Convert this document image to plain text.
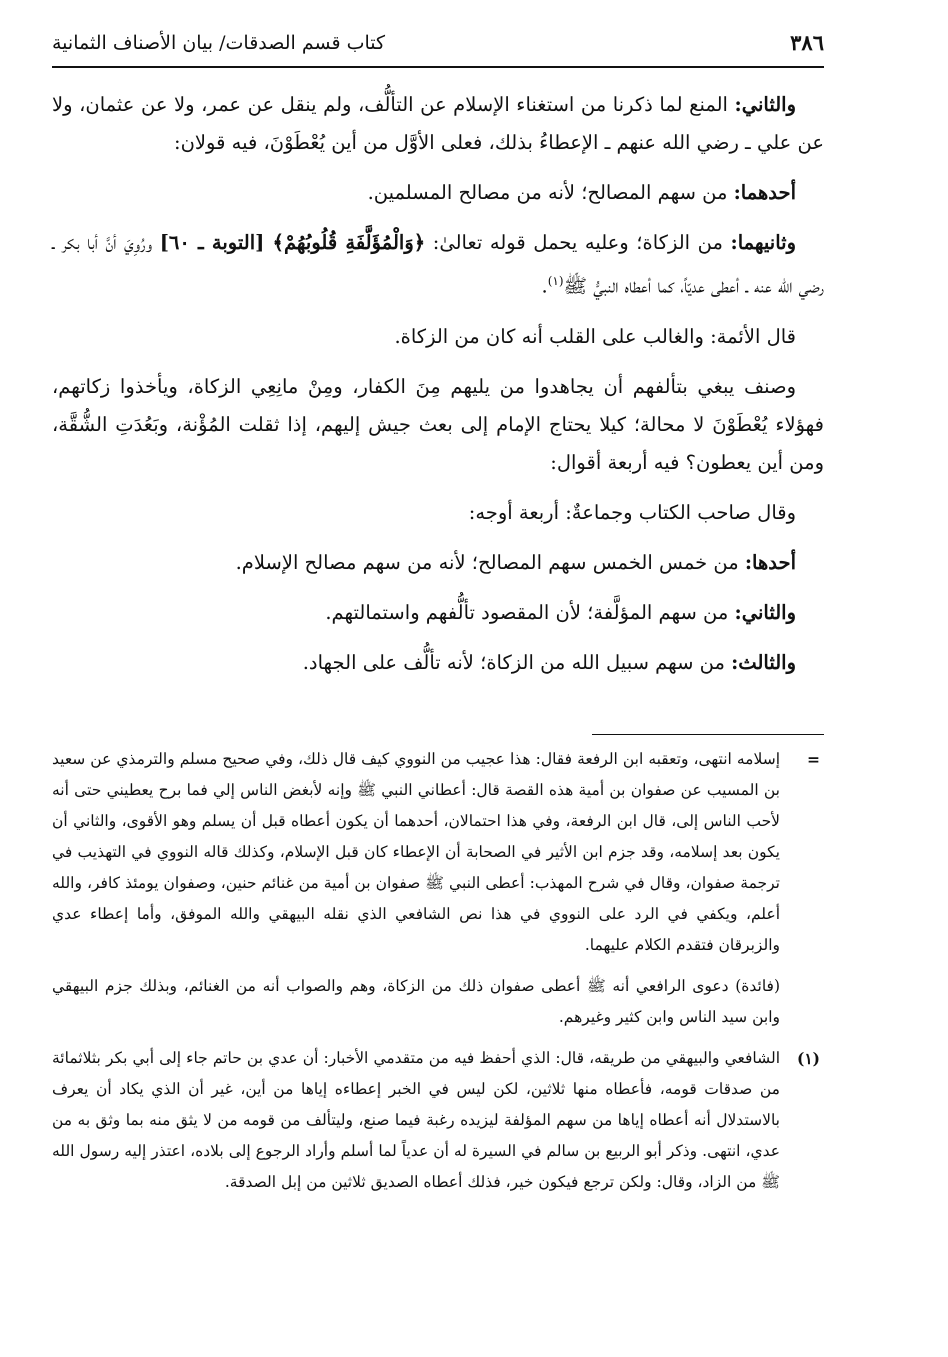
٣٨٦
كتاب قسم الصدقات/ بيان الأصناف الثمانية

والثاني: المنع لما ذكرنا من استغناء الإسلام عن التألُّف، ولم ينقل عن عمر، ولا عن عثمان، ولا عن علي ـ رضي الله عنهم ـ الإعطاءُ بذلك، فعلى الأوَّل من أين يُعْطَوْنَ، فيه قولان:

أحدهما: من سهم المصالح؛ لأنه من مصالح المسلمين.

وثانيهما: من الزكاة؛ وعليه يحمل قوله تعالىٰ: ﴿وَالْمُؤَلَّفَةِ قُلُوبُهُمْ﴾ [التوبة ـ ٦٠] ورُوِيَ أنَّ أبا بكر ـ رضي الله عنه ـ أعطى عديّاً، كما أعطاه النبيُّ ﷺ$^{(١)}$.

قال الأئمة: والغالب على القلب أنه كان من الزكاة.

وصنف يبغي بتألفهم أن يجاهدوا من يليهم مِنَ الكفار، ومِنْ مانِعِي الزكاة، ويأخذوا زكاتهم، فهؤلاء يُعْطَوْنَ لا محالة؛ كيلا يحتاج الإمام إلى بعث جيش إليهم، إذا ثقلت المُؤْنة، وبَعُدَتِ الشُّقَّة، ومن أين يعطون؟ فيه أربعة أقوال:

وقال صاحب الكتاب وجماعةٌ: أربعة أوجه:

أحدها: من خمس الخمس سهم المصالح؛ لأنه من سهم مصالح الإسلام.

والثاني: من سهم المؤلَّفة؛ لأن المقصود تألُّفهم واستمالتهم.

والثالث: من سهم سبيل الله من الزكاة؛ لأنه تألُّف على الجهاد.

=
إسلامه انتهى، وتعقبه ابن الرفعة فقال: هذا عجيب من النووي كيف قال ذلك، وفي صحيح مسلم والترمذي عن سعيد بن المسيب عن صفوان بن أمية هذه القصة قال: أعطاني النبي ﷺ وإنه لأبغض الناس إلي فما برح يعطيني حتى أنه لأحب الناس إلى، قال ابن الرفعة، وفي هذا احتمالان، أحدهما أن يكون أعطاه قبل أن يسلم وهو الأقوى، والثاني أن يكون بعد إسلامه، وقد جزم ابن الأثير في الصحابة أن الإعطاء كان قبل الإسلام، وكذلك قاله النووي في التهذيب في ترجمة صفوان، وقال في شرح المهذب: أعطى النبي ﷺ صفوان بن أمية من غنائم حنين، وصفوان يومئذ كافر، والله أعلم، ويكفي في الرد على النووي في هذا نص الشافعي الذي نقله البيهقي والله الموفق، وأما إعطاء عدي والزبرقان فتقدم الكلام عليهما.
(فائدة) دعوى الرافعي أنه ﷺ أعطى صفوان ذلك من الزكاة، وهم والصواب أنه من الغنائم، وبذلك جزم البيهقي وابن سيد الناس وابن كثير وغيرهم.
(١)
الشافعي والبيهقي من طريقه، قال: الذي أحفظ فيه من متقدمي الأخبار: أن عدي بن حاتم جاء إلى أبي بكر بثلاثمائة من صدقات قومه، فأعطاه منها ثلاثين، لكن ليس في الخبر إعطاءه إياها من أين، غير أن الذي يكاد أن يعرف بالاستدلال أنه أعطاه إياها من سهم المؤلفة ليزيده رغبة فيما صنع، وليتألف من قومه من لا يثق منه بما وثق به من عدي، انتهى. وذكر أبو الربيع بن سالم في السيرة له أن عدياً لما أسلم وأراد الرجوع إلى بلاده، اعتذر إليه رسول الله ﷺ من الزاد، وقال: ولكن ترجع فيكون خير، فذلك أعطاه الصديق ثلاثين من إبل الصدقة.
